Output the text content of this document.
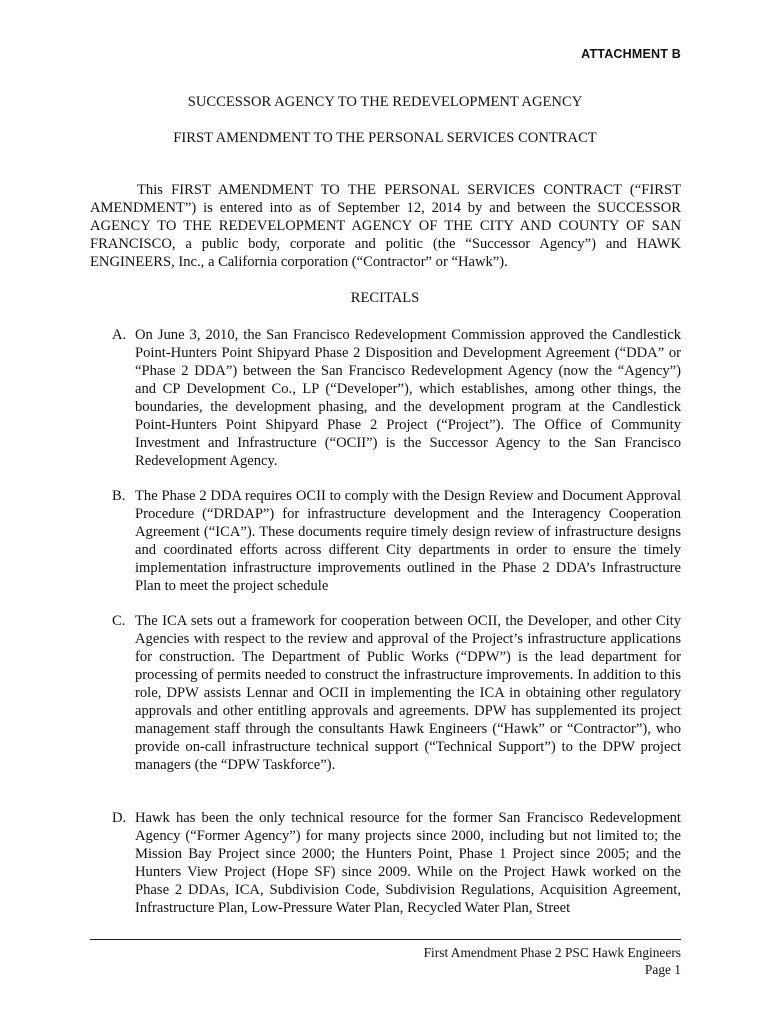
ATTACHMENT B
SUCCESSOR AGENCY TO THE REDEVELOPMENT AGENCY
FIRST AMENDMENT TO THE PERSONAL SERVICES CONTRACT

This FIRST AMENDMENT TO THE PERSONAL SERVICES CONTRACT (“FIRST AMENDMENT”) is entered into as of September 12, 2014 by and between the SUCCESSOR AGENCY TO THE REDEVELOPMENT AGENCY OF THE CITY AND COUNTY OF SAN FRANCISCO, a public body, corporate and politic (the “Successor Agency”) and HAWK ENGINEERS, Inc., a California corporation (“Contractor” or “Hawk”).

RECITALS
A. On June 3, 2010, the San Francisco Redevelopment Commission approved the Candlestick Point-Hunters Point Shipyard Phase 2 Disposition and Development Agreement (“DDA” or “Phase 2 DDA”) between the San Francisco Redevelopment Agency (now the “Agency”) and CP Development Co., LP (“Developer”), which establishes, among other things, the boundaries, the development phasing, and the development program at the Candlestick Point-Hunters Point Shipyard Phase 2 Project (“Project”). The Office of Community Investment and Infrastructure (“OCII”) is the Successor Agency to the San Francisco Redevelopment Agency.

B. The Phase 2 DDA requires OCII to comply with the Design Review and Document Approval Procedure (“DRDAP”) for infrastructure development and the Interagency Cooperation Agreement (“ICA”). These documents require timely design review of infrastructure designs and coordinated efforts across different City departments in order to ensure the timely implementation infrastructure improvements outlined in the Phase 2 DDA’s Infrastructure Plan to meet the project schedule

C. The ICA sets out a framework for cooperation between OCII, the Developer, and other City Agencies with respect to the review and approval of the Project’s infrastructure applications for construction. The Department of Public Works (“DPW”) is the lead department for processing of permits needed to construct the infrastructure improvements. In addition to this role, DPW assists Lennar and OCII in implementing the ICA in obtaining other regulatory approvals and other entitling approvals and agreements. DPW has supplemented its project management staff through the consultants Hawk Engineers (“Hawk” or “Contractor”), who provide on-call infrastructure technical support (“Technical Support”) to the DPW project managers (the “DPW Taskforce”).

D. Hawk has been the only technical resource for the former San Francisco Redevelopment Agency (“Former Agency”) for many projects since 2000, including but not limited to; the Mission Bay Project since 2000; the Hunters Point, Phase 1 Project since 2005; and the Hunters View Project (Hope SF) since 2009. While on the Project Hawk worked on the Phase 2 DDAs, ICA, Subdivision Code, Subdivision Regulations, Acquisition Agreement, Infrastructure Plan, Low-Pressure Water Plan, Recycled Water Plan, Street

First Amendment Phase 2 PSC Hawk Engineers
Page 1
